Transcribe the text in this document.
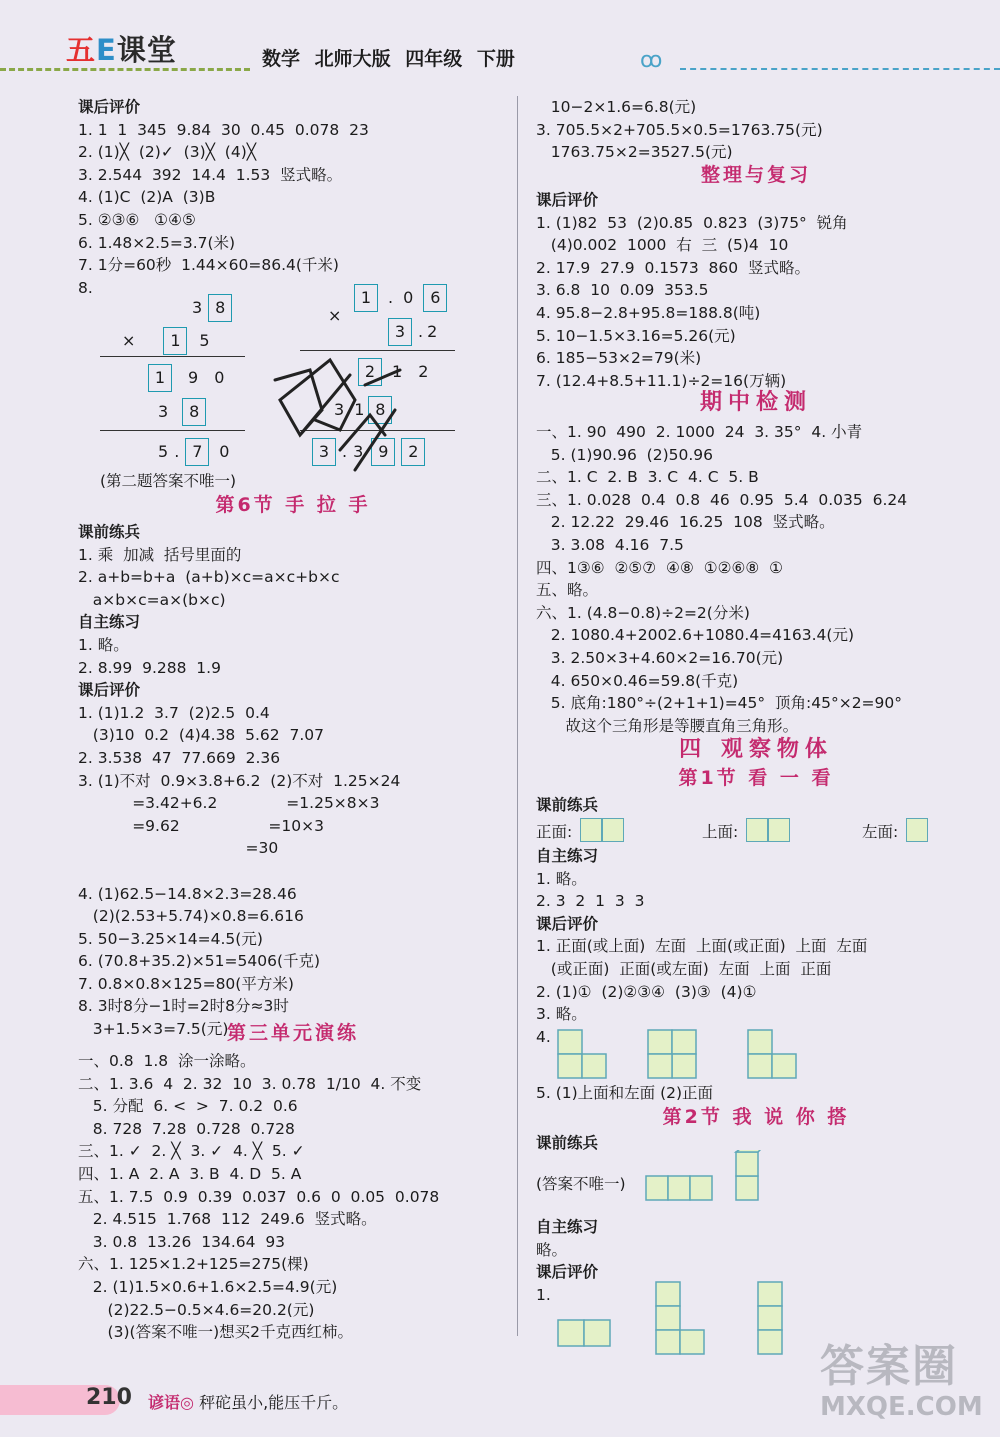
五E课堂	数学 北师大版 四年级 下册	ꝏ
课后评价
1. 1  1  345  9.84  30  0.45  0.078  23
2. (1)╳  (2)✓  (3)╳  (4)╳
3. 2.544  392  14.4  1.53  竖式略。
4. (1)C  (2)A  (3)B
5. ②③⑥   ①④⑤
6. 1.48×2.5=3.7(米)
7. 1分=60秒  1.44×60=86.4(千米)
8.
3 8
× 1 5
1 9 0
3 8
5 . 7 0
1 . 0 6
×
3 . 2
2 1 2
3 1 8
3 . 3 9 2
(第二题答案不唯一)
第6节 手 拉 手
课前练兵
1. 乘  加减  括号里面的
2. a+b=b+a  (a+b)×c=a×c+b×c
a×b×c=a×(b×c)
自主练习
1. 略。
2. 8.99  9.288  1.9
课后评价
1. (1)1.2  3.7  (2)2.5  0.4
(3)10  0.2  (4)4.38  5.62  7.07
2. 3.538  47  77.669  2.36
3. (1)不对  0.9×3.8+6.2  (2)不对  1.25×24
=3.42+6.2              =1.25×8×3
=9.62                  =10×3
=30
4. (1)62.5−14.8×2.3=28.46
(2)(2.53+5.74)×0.8=6.616
5. 50−3.25×14=4.5(元)
6. (70.8+35.2)×51=5406(千克)
7. 0.8×0.8×125=80(平方米)
8. 3时8分−1时=2时8分≈3时
3+1.5×3=7.5(元)
第三单元演练
一、0.8  1.8  涂一涂略。
二、1. 3.6  4  2. 32  10  3. 0.78  1/10  4. 不变
5. 分配  6. <  >  7. 0.2  0.6
8. 728  7.28  0.728  0.728
三、1. ✓  2. ╳  3. ✓  4. ╳  5. ✓
四、1. A  2. A  3. B  4. D  5. A
五、1. 7.5  0.9  0.39  0.037  0.6  0  0.05  0.078
2. 4.515  1.768  112  249.6  竖式略。
3. 0.8  13.26  134.64  93
六、1. 125×1.2+125=275(棵)
2. (1)1.5×0.6+1.6×2.5=4.9(元)
(2)22.5−0.5×4.6=20.2(元)
(3)(答案不唯一)想买2千克西红柿。
10−2×1.6=6.8(元)
3. 705.5×2+705.5×0.5=1763.75(元)
1763.75×2=3527.5(元)
整理与复习
课后评价
1. (1)82  53  (2)0.85  0.823  (3)75°  锐角
(4)0.002  1000  右  三  (5)4  10
2. 17.9  27.9  0.1573  860  竖式略。
3. 6.8  10  0.09  353.5
4. 95.8−2.8+95.8=188.8(吨)
5. 10−1.5×3.16=5.26(元)
6. 185−53×2=79(米)
7. (12.4+8.5+11.1)÷2=16(万辆)
期中检测
一、1. 90  490  2. 1000  24  3. 35°  4. 小青
5. (1)90.96  (2)50.96
二、1. C  2. B  3. C  4. C  5. B
三、1. 0.028  0.4  0.8  46  0.95  5.4  0.035  6.24
2. 12.22  29.46  16.25  108  竖式略。
3. 3.08  4.16  7.5
四、1③⑥  ②⑤⑦  ④⑧  ①②⑥⑧  ①
五、略。
六、1. (4.8−0.8)÷2=2(分米)
2. 1080.4+2002.6+1080.4=4163.4(元)
3. 2.50×3+4.60×2=16.70(元)
4. 650×0.46=59.8(千克)
5. 底角:180°÷(2+1+1)=45°  顶角:45°×2=90°
故这个三角形是等腰直角三角形。
四 观察物体
第1节 看 一 看
课前练兵
正面:	上面:	左面:
自主练习
1. 略。
2. 3  2  1  3  3
课后评价
1. 正面(或上面)  左面  上面(或正面)  上面  左面
(或正面)  正面(或左面)  左面  上面  正面
2. (1)①  (2)②③④  (3)③  (4)①
3. 略。
4.
5. (1)上面和左面 (2)正面
第2节 我 说 你 搭
课前练兵
(答案不唯一)
自主练习
略。
课后评价
1.
210 谚语◎ 秤砣虽小,能压千斤。
答案圈
MXQE.COM
